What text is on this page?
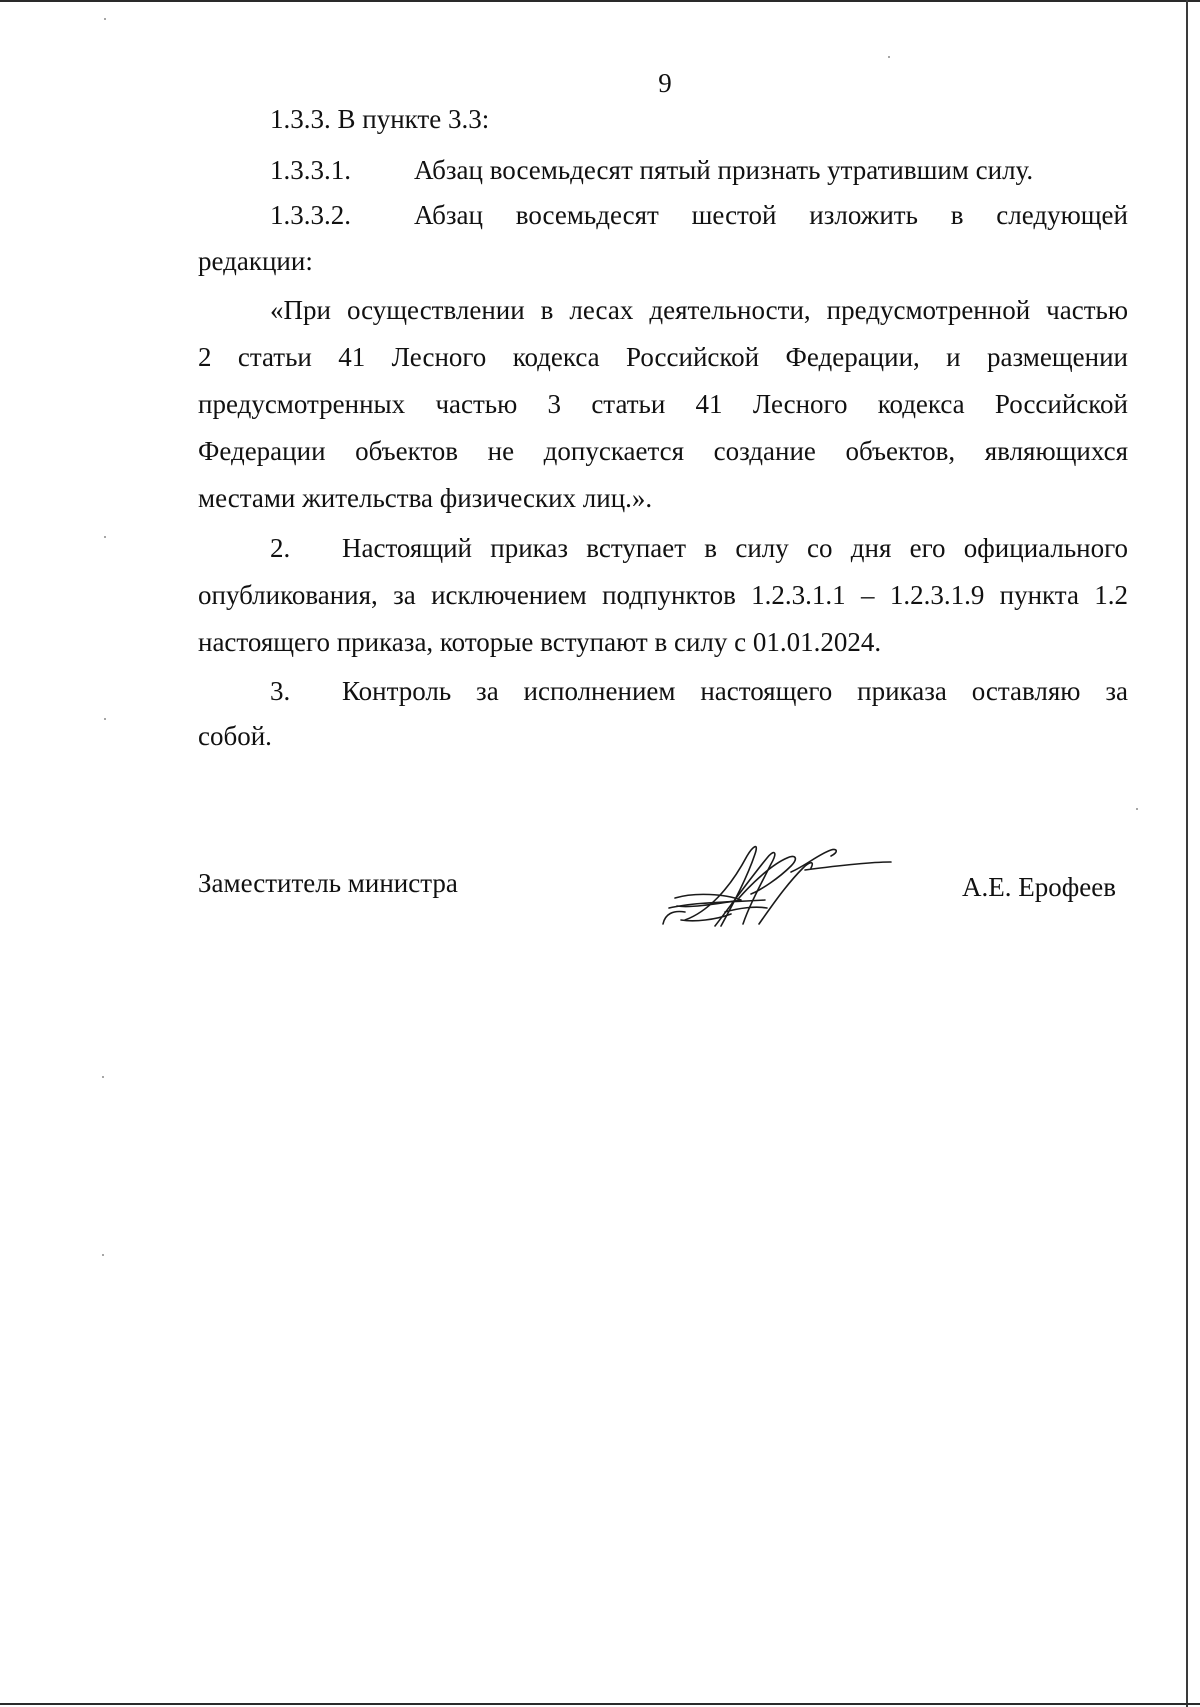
9
1.3.3. В пункте 3.3:
1.3.3.1. Абзац восемьдесят пятый признать утратившим силу.
1.3.3.2. Абзац восемьдесят шестой изложить в следующей
редакции:
«При осуществлении в лесах деятельности, предусмотренной частью
2 статьи 41 Лесного кодекса Российской Федерации, и размещении
предусмотренных частью 3 статьи 41 Лесного кодекса Российской
Федерации объектов не допускается создание объектов, являющихся
местами жительства физических лиц.».
2. Настоящий приказ вступает в силу со дня его официального
опубликования, за исключением подпунктов 1.2.3.1.1 – 1.2.3.1.9 пункта 1.2
настоящего приказа, которые вступают в силу с 01.01.2024.
3. Контроль за исполнением настоящего приказа оставляю за
собой.
Заместитель министра	А.Е. Ерофеев
